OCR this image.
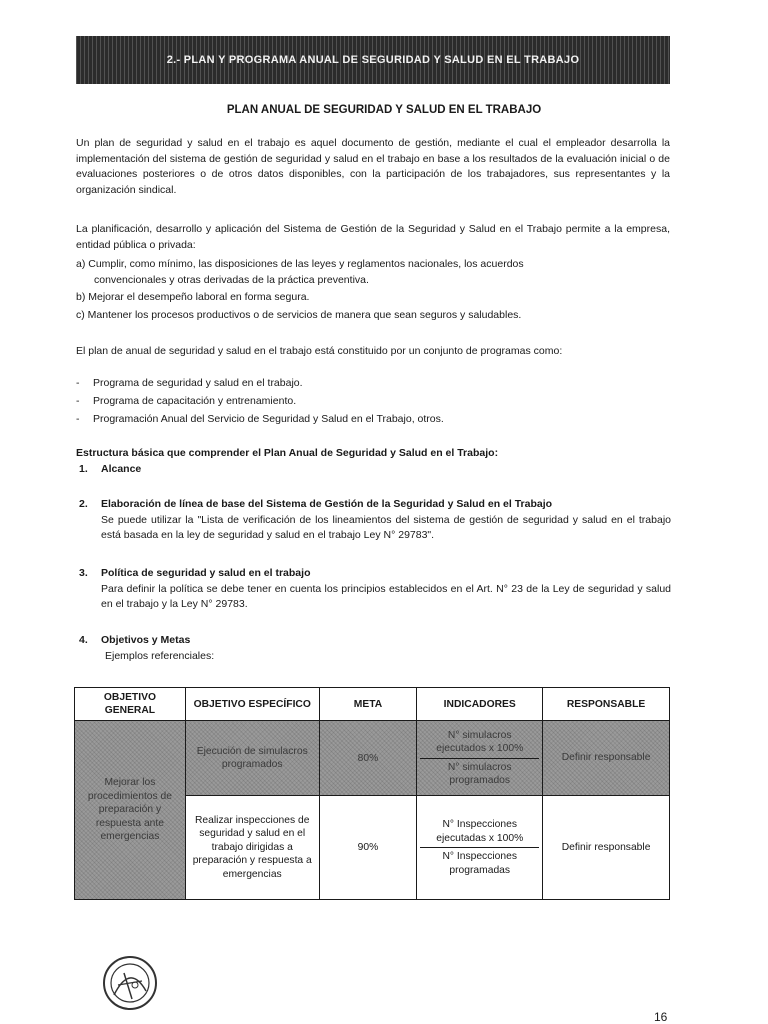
2.- PLAN Y PROGRAMA ANUAL DE SEGURIDAD Y SALUD EN EL TRABAJO
PLAN ANUAL DE SEGURIDAD Y SALUD EN EL TRABAJO
Un plan de seguridad y salud en el trabajo es aquel documento de gestión, mediante el cual el empleador desarrolla la implementación del sistema de gestión de seguridad y salud en el trabajo en base a los resultados de la evaluación inicial o de evaluaciones posteriores o de otros datos disponibles, con la participación de los trabajadores, sus representantes y la organización sindical.
La planificación, desarrollo y aplicación del Sistema de Gestión de la Seguridad y Salud en el Trabajo permite a la empresa, entidad pública o privada:
a) Cumplir, como mínimo, las disposiciones de las leyes y reglamentos nacionales, los acuerdos
convencionales y otras derivadas de la práctica preventiva.
b) Mejorar el desempeño laboral en forma segura.
c) Mantener los procesos productivos o de servicios de manera que sean seguros y saludables.
El plan de anual de seguridad y salud en el trabajo está constituido por un conjunto de programas como:
- Programa de seguridad y salud en el trabajo.
- Programa de capacitación y entrenamiento.
- Programación Anual del Servicio de Seguridad y Salud en el Trabajo, otros.
Estructura básica que comprender el Plan Anual de Seguridad y Salud en el Trabajo:
1. Alcance
2. Elaboración de línea de base del Sistema de Gestión de la Seguridad y Salud en el Trabajo
Se puede utilizar la "Lista de verificación de los lineamientos del sistema de gestión de seguridad y salud en el trabajo está basada en la ley de seguridad y salud en el trabajo Ley N° 29783".
3. Política de seguridad y salud en el trabajo
Para definir la política se debe tener en cuenta los principios establecidos en el Art. N° 23 de la Ley de seguridad y salud en el trabajo y la Ley N° 29783.
4. Objetivos y Metas
Ejemplos referenciales:
OBJETIVO GENERAL	OBJETIVO ESPECÍFICO	META	INDICADORES	RESPONSABLE
Mejorar los procedimientos de preparación y respuesta ante emergencias	Ejecución de simulacros programados	80%	$\frac{\text{N° simulacros ejecutados x 100\%}}{\text{N° simulacros programados}}$	Definir responsable
	Realizar inspecciones de seguridad y salud en el trabajo dirigidas a preparación y respuesta a emergencias	90%	$\frac{\text{N° Inspecciones ejecutadas x 100\%}}{\text{N° Inspecciones programadas}}$	Definir responsable
16
